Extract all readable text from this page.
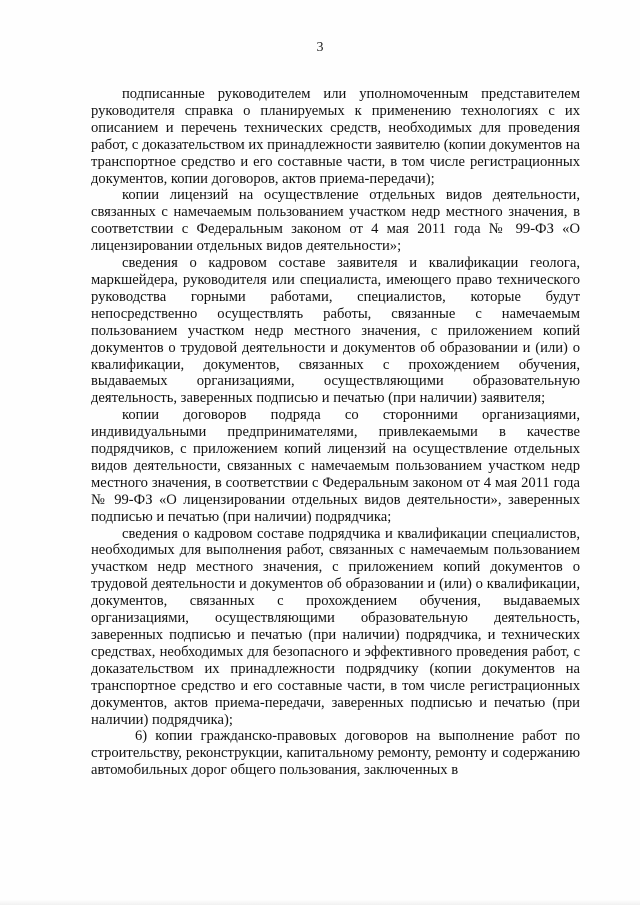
3

подписанные руководителем или уполномоченным представителем руководителя справка о планируемых к применению технологиях с их описанием и перечень технических средств, необходимых для проведения работ, с доказательством их принадлежности заявителю (копии документов на транспортное средство и его составные части, в том числе регистрационных документов, копии договоров, актов приема-передачи);

копии лицензий на осуществление отдельных видов деятельности, связанных с намечаемым пользованием участком недр местного значения, в соответствии с Федеральным законом от 4 мая 2011 года № 99-ФЗ «О лицензировании отдельных видов деятельности»;

сведения о кадровом составе заявителя и квалификации геолога, маркшейдера, руководителя или специалиста, имеющего право технического руководства горными работами, специалистов, которые будут непосредственно осуществлять работы, связанные с намечаемым пользованием участком недр местного значения, с приложением копий документов о трудовой деятельности и документов об образовании и (или) о квалификации, документов, связанных с прохождением обучения, выдаваемых организациями, осуществляющими образовательную деятельность, заверенных подписью и печатью (при наличии) заявителя;

копии договоров подряда со сторонними организациями, индивидуальными предпринимателями, привлекаемыми в качестве подрядчиков, с приложением копий лицензий на осуществление отдельных видов деятельности, связанных с намечаемым пользованием участком недр местного значения, в соответствии с Федеральным законом от 4 мая 2011 года № 99-ФЗ «О лицензировании отдельных видов деятельности», заверенных подписью и печатью (при наличии) подрядчика;

сведения о кадровом составе подрядчика и квалификации специалистов, необходимых для выполнения работ, связанных с намечаемым пользованием участком недр местного значения, с приложением копий документов о трудовой деятельности и документов об образовании и (или) о квалификации, документов, связанных с прохождением обучения, выдаваемых организациями, осуществляющими образовательную деятельность, заверенных подписью и печатью (при наличии) подрядчика, и технических средствах, необходимых для безопасного и эффективного проведения работ, с доказательством их принадлежности подрядчику (копии документов на транспортное средство и его составные части, в том числе регистрационных документов, актов приема-передачи, заверенных подписью и печатью (при наличии) подрядчика);

6) копии гражданско-правовых договоров на выполнение работ по строительству, реконструкции, капитальному ремонту, ремонту и содержанию автомобильных дорог общего пользования, заключенных в
